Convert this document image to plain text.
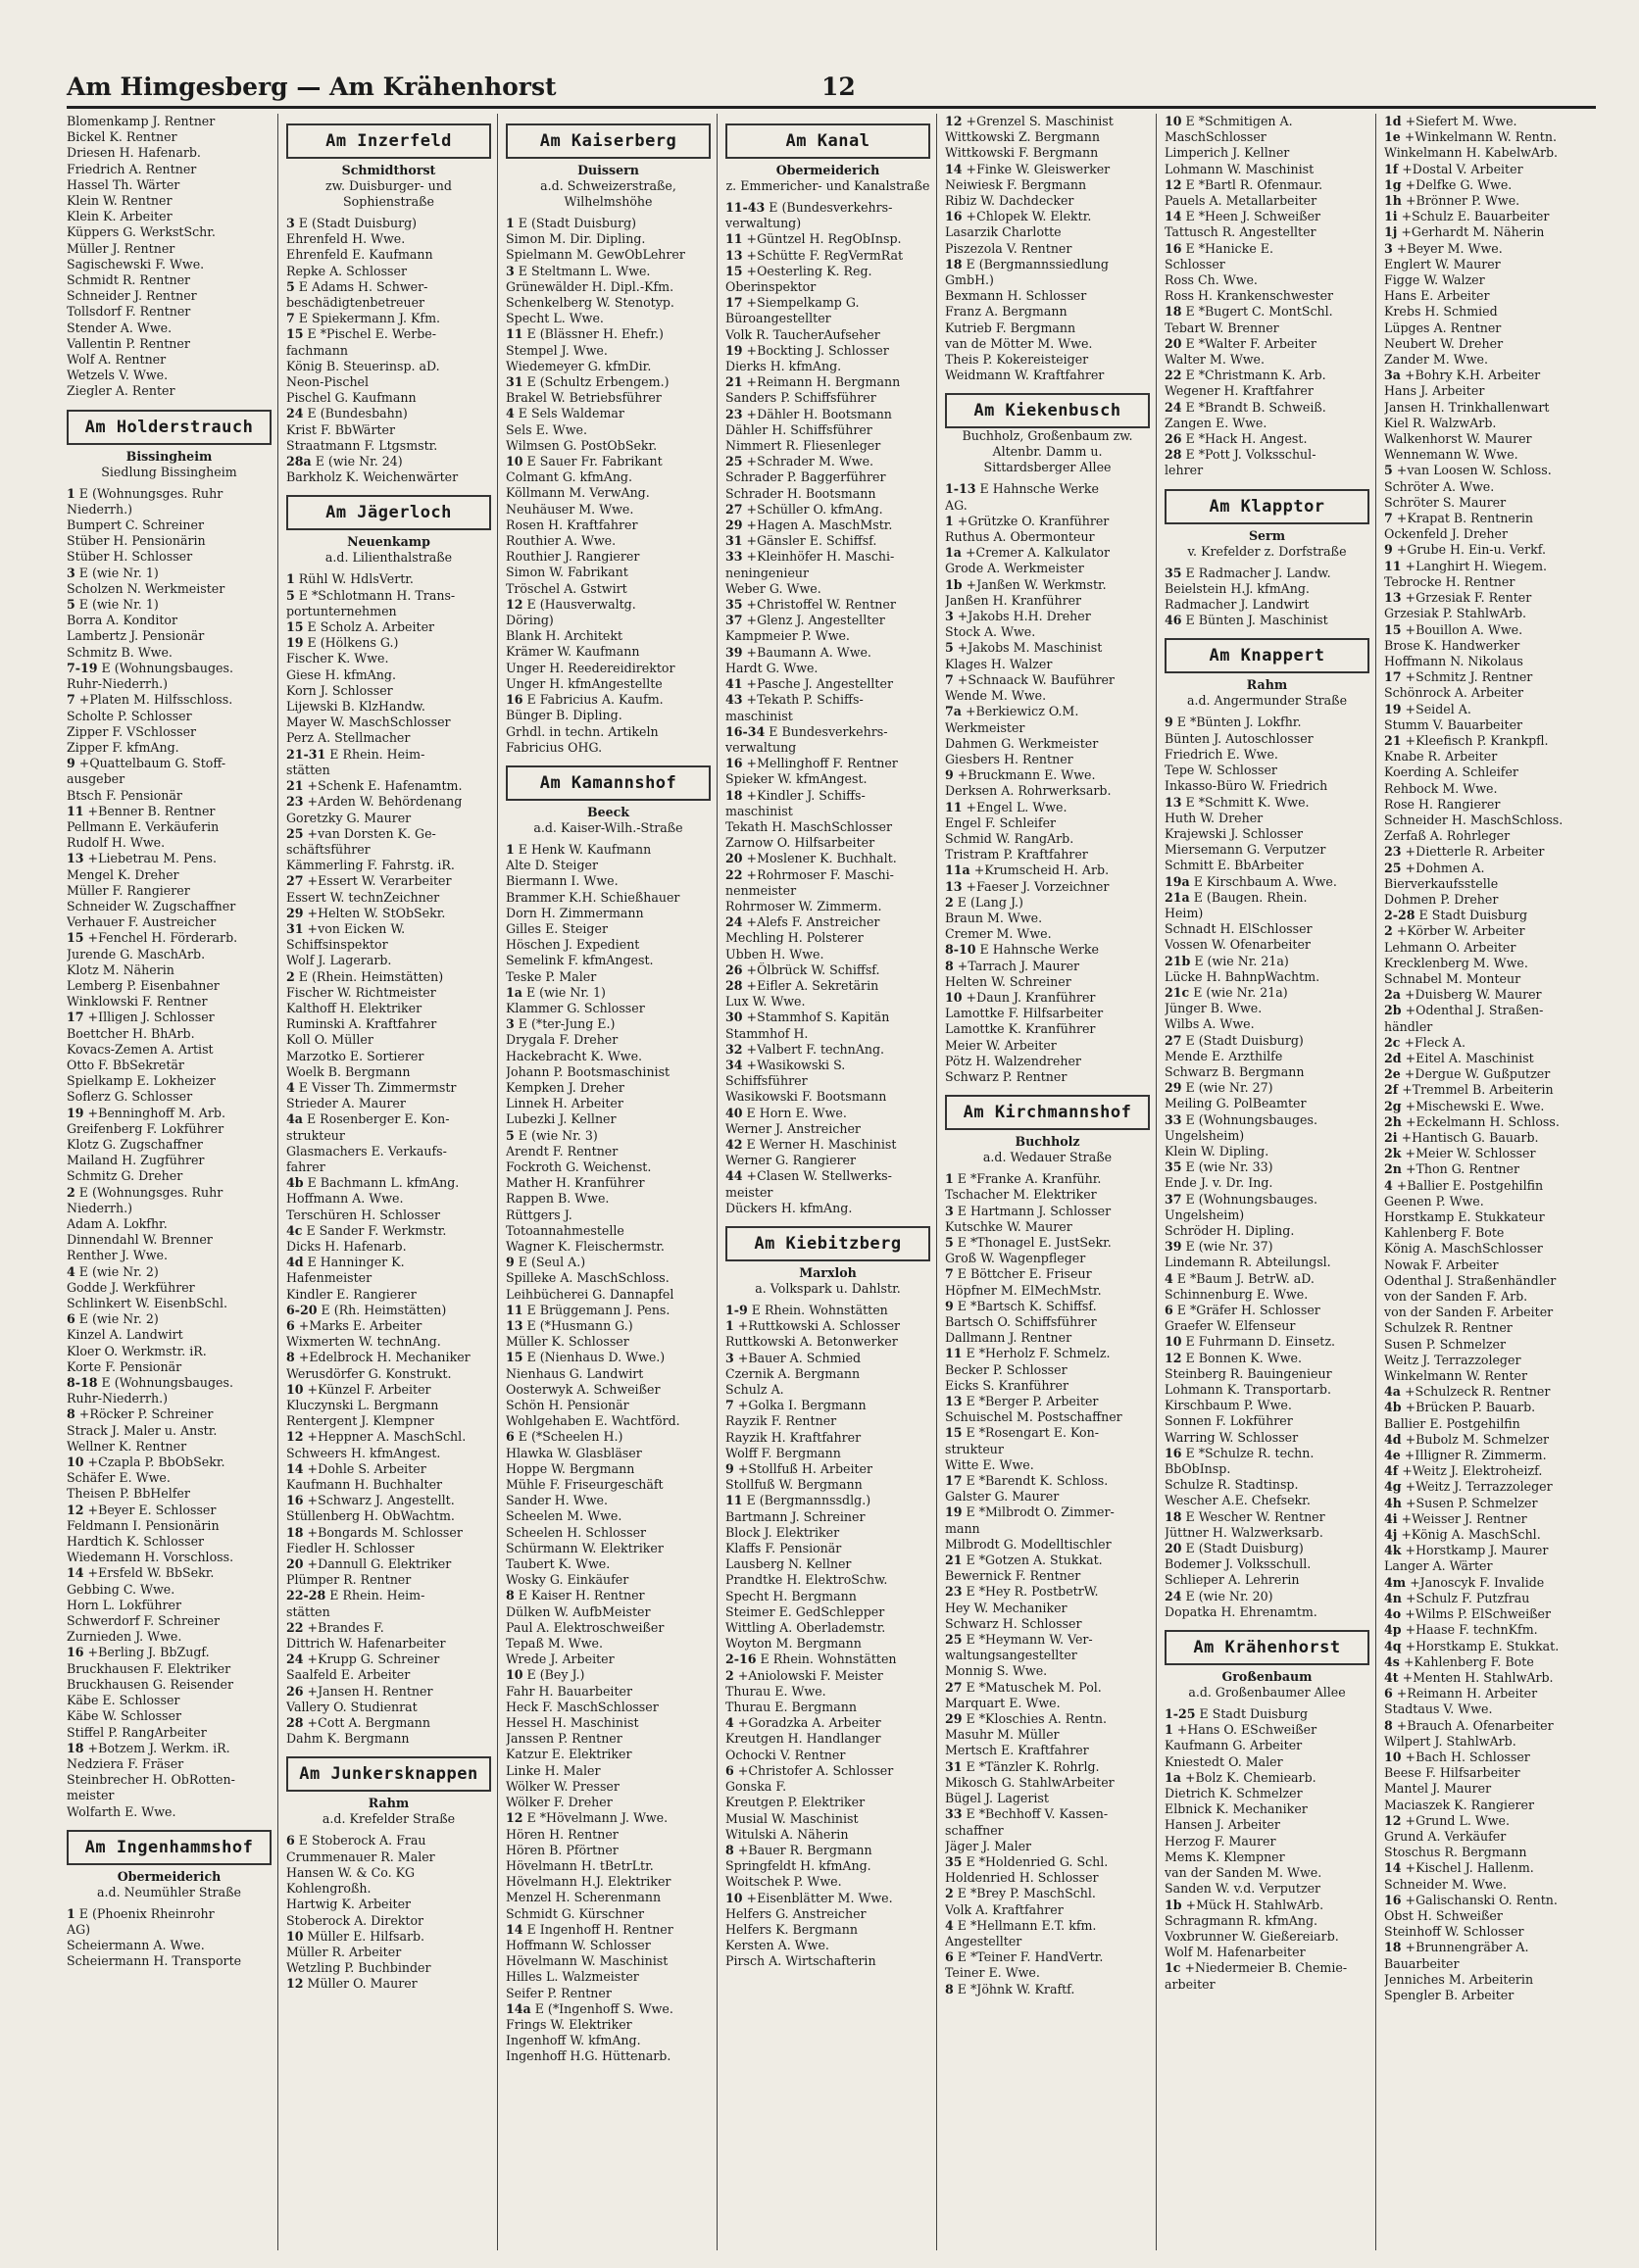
Am Himgesberg — Am Krähenhorst	12
Blomenkamp J. Rentner
Bickel K. Rentner
Driesen H. Hafenarb.
Friedrich A. Rentner
Hassel Th. Wärter
Klein W. Rentner
Klein K. Arbeiter
Küppers G. WerkstSchr.
Müller J. Rentner
Sagischewski F. Wwe.
Schmidt R. Rentner
Schneider J. Rentner
Tollsdorf F. Rentner
Stender A. Wwe.
Vallentin P. Rentner
Wolf A. Rentner
Wetzels V. Wwe.
Ziegler A. Renter
Am Holderstrauch
Bissingheim
Siedlung Bissingheim
1 E (Wohnungsges. Ruhr
Niederrh.)
Bumpert C. Schreiner
Stüber H. Pensionärin
Stüber H. Schlosser
3 E (wie Nr. 1)
Scholzen N. Werkmeister
5 E (wie Nr. 1)
Borra A. Konditor
Lambertz J. Pensionär
Schmitz B. Wwe.
7-19 E (Wohnungsbauges.
Ruhr-Niederrh.)
7 +Platen M. Hilfsschloss.
Scholte P. Schlosser
Zipper F. VSchlosser
Zipper F. kfmAng.
9 +Quattelbaum G. Stoff-
ausgeber
Btsch F. Pensionär
11 +Benner B. Rentner
Pellmann E. Verkäuferin
Rudolf H. Wwe.
13 +Liebetrau M. Pens.
Mengel K. Dreher
Müller F. Rangierer
Schneider W. Zugschaffner
Verhauer F. Austreicher
15 +Fenchel H. Förderarb.
Jurende G. MaschArb.
Klotz M. Näherin
Lemberg P. Eisenbahner
Winklowski F. Rentner
17 +Illigen J. Schlosser
Boettcher H. BhArb.
Kovacs-Zemen A. Artist
Otto F. BbSekretär
Spielkamp E. Lokheizer
Soflerz G. Schlosser
19 +Benninghoff M. Arb.
Greifenberg F. Lokführer
Klotz G. Zugschaffner
Mailand H. Zugführer
Schmitz G. Dreher
2 E (Wohnungsges. Ruhr
Niederrh.)
Adam A. Lokfhr.
Dinnendahl W. Brenner
Renther J. Wwe.
4 E (wie Nr. 2)
Godde J. Werkführer
Schlinkert W. EisenbSchl.
6 E (wie Nr. 2)
Kinzel A. Landwirt
Kloer O. Werkmstr. iR.
Korte F. Pensionär
8-18 E (Wohnungsbauges.
Ruhr-Niederrh.)
8 +Röcker P. Schreiner
Strack J. Maler u. Anstr.
Wellner K. Rentner
10 +Czapla P. BbObSekr.
Schäfer E. Wwe.
Theisen P. BbHelfer
12 +Beyer E. Schlosser
Feldmann I. Pensionärin
Hardtich K. Schlosser
Wiedemann H. Vorschloss.
14 +Ersfeld W. BbSekr.
Gebbing C. Wwe.
Horn L. Lokführer
Schwerdorf F. Schreiner
Zurnieden J. Wwe.
16 +Berling J. BbZugf.
Bruckhausen F. Elektriker
Bruckhausen G. Reisender
Käbe E. Schlosser
Käbe W. Schlosser
Stiffel P. RangArbeiter
18 +Botzem J. Werkm. iR.
Nedziera F. Fräser
Steinbrecher H. ObRotten-
meister
Wolfarth E. Wwe.
Am Ingenhammshof
Obermeiderich
a.d. Neumühler Straße
1 E (Phoenix Rheinrohr
AG)
Scheiermann A. Wwe.
Scheiermann H. Transporte
Am Inzerfeld
Schmidthorst
zw. Duisburger- und Sophienstraße
3 E (Stadt Duisburg)
Ehrenfeld H. Wwe.
Ehrenfeld E. Kaufmann
Repke A. Schlosser
5 E Adams H. Schwer-
beschädigtenbetreuer
7 E Spiekermann J. Kfm.
15 E *Pischel E. Werbe-
fachmann
König B. Steuerinsp. aD.
Neon-Pischel
Pischel G. Kaufmann
24 E (Bundesbahn)
Krist F. BbWärter
Straatmann F. Ltgsmstr.
28a E (wie Nr. 24)
Barkholz K. Weichenwärter
Am Jägerloch
Neuenkamp
a.d. Lilienthalstraße
1 Rühl W. HdlsVertr.
5 E *Schlotmann H. Trans-
portunternehmen
15 E Scholz A. Arbeiter
19 E (Hölkens G.)
Fischer K. Wwe.
Giese H. kfmAng.
Korn J. Schlosser
Lijewski B. KlzHandw.
Mayer W. MaschSchlosser
Perz A. Stellmacher
21-31 E Rhein. Heim-
stätten
21 +Schenk E. Hafenamtm.
23 +Arden W. Behördenang
Goretzky G. Maurer
25 +van Dorsten K. Ge-
schäftsführer
Kämmerling F. Fahrstg. iR.
27 +Essert W. Verarbeiter
Essert W. technZeichner
29 +Helten W. StObSekr.
31 +von Eicken W.
Schiffsinspektor
Wolf J. Lagerarb.
2 E (Rhein. Heimstätten)
Fischer W. Richtmeister
Kalthoff H. Elektriker
Ruminski A. Kraftfahrer
Koll O. Müller
Marzotko E. Sortierer
Woelk B. Bergmann
4 E Visser Th. Zimmermstr
Strieder A. Maurer
4a E Rosenberger E. Kon-
strukteur
Glasmachers E. Verkaufs-
fahrer
4b E Bachmann L. kfmAng.
Hoffmann A. Wwe.
Terschüren H. Schlosser
4c E Sander F. Werkmstr.
Dicks H. Hafenarb.
4d E Hanninger K.
Hafenmeister
Kindler E. Rangierer
6-20 E (Rh. Heimstätten)
6 +Marks E. Arbeiter
Wixmerten W. technAng.
8 +Edelbrock H. Mechaniker
Werusdörfer G. Konstrukt.
10 +Künzel F. Arbeiter
Kluczynski L. Bergmann
Rentergent J. Klempner
12 +Heppner A. MaschSchl.
Schweers H. kfmAngest.
14 +Dohle S. Arbeiter
Kaufmann H. Buchhalter
16 +Schwarz J. Angestellt.
Stüllenberg H. ObWachtm.
18 +Bongards M. Schlosser
Fiedler H. Schlosser
20 +Dannull G. Elektriker
Plümper R. Rentner
22-28 E Rhein. Heim-
stätten
22 +Brandes F.
Dittrich W. Hafenarbeiter
24 +Krupp G. Schreiner
Saalfeld E. Arbeiter
26 +Jansen H. Rentner
Vallery O. Studienrat
28 +Cott A. Bergmann
Dahm K. Bergmann
Am Junkersknappen
Rahm
a.d. Krefelder Straße
6 E Stoberock A. Frau
Crummenauer R. Maler
Hansen W. & Co. KG
Kohlengroßh.
Hartwig K. Arbeiter
Stoberock A. Direktor
10 Müller E. Hilfsarb.
Müller R. Arbeiter
Wetzling P. Buchbinder
12 Müller O. Maurer
Am Kaiserberg
Duissern
a.d. Schweizerstraße, Wilhelmshöhe
1 E (Stadt Duisburg)
Simon M. Dir. Dipling.
Spielmann M. GewObLehrer
3 E Steltmann L. Wwe.
Grünewälder H. Dipl.-Kfm.
Schenkelberg W. Stenotyp.
Specht L. Wwe.
11 E (Blässner H. Ehefr.)
Stempel J. Wwe.
Wiedemeyer G. kfmDir.
31 E (Schultz Erbengem.)
Brakel W. Betriebsführer
4 E Sels Waldemar
Sels E. Wwe.
Wilmsen G. PostObSekr.
10 E Sauer Fr. Fabrikant
Colmant G. kfmAng.
Köllmann M. VerwAng.
Neuhäuser M. Wwe.
Rosen H. Kraftfahrer
Routhier A. Wwe.
Routhier J. Rangierer
Simon W. Fabrikant
Tröschel A. Gstwirt
12 E (Hausverwaltg.
Döring)
Blank H. Architekt
Krämer W. Kaufmann
Unger H. Reedereidirektor
Unger H. kfmAngestellte
16 E Fabricius A. Kaufm.
Bünger B. Dipling.
Grhdl. in techn. Artikeln
Fabricius OHG.
Am Kamannshof
Beeck
a.d. Kaiser-Wilh.-Straße
1 E Henk W. Kaufmann
Alte D. Steiger
Biermann I. Wwe.
Brammer K.H. Schießhauer
Dorn H. Zimmermann
Gilles E. Steiger
Höschen J. Expedient
Semelink F. kfmAngest.
Teske P. Maler
1a E (wie Nr. 1)
Klammer G. Schlosser
3 E (*ter-Jung E.)
Drygala F. Dreher
Hackebracht K. Wwe.
Johann P. Bootsmaschinist
Kempken J. Dreher
Linnek H. Arbeiter
Lubezki J. Kellner
5 E (wie Nr. 3)
Arendt F. Rentner
Fockroth G. Weichenst.
Mather H. Kranführer
Rappen B. Wwe.
Rüttgers J.
Totoannahmestelle
Wagner K. Fleischermstr.
9 E (Seul A.)
Spilleke A. MaschSchloss.
Leihbücherei G. Dannapfel
11 E Brüggemann J. Pens.
13 E (*Husmann G.)
Müller K. Schlosser
15 E (Nienhaus D. Wwe.)
Nienhaus G. Landwirt
Oosterwyk A. Schweißer
Schön H. Pensionär
Wohlgehaben E. Wachtförd.
6 E (*Scheelen H.)
Hlawka W. Glasbläser
Hoppe W. Bergmann
Mühle F. Friseurgeschäft
Sander H. Wwe.
Scheelen M. Wwe.
Scheelen H. Schlosser
Schürmann W. Elektriker
Taubert K. Wwe.
Wosky G. Einkäufer
8 E Kaiser H. Rentner
Dülken W. AufbMeister
Paul A. Elektroschweißer
Tepaß M. Wwe.
Wrede J. Arbeiter
10 E (Bey J.)
Fahr H. Bauarbeiter
Heck F. MaschSchlosser
Hessel H. Maschinist
Janssen P. Rentner
Katzur E. Elektriker
Linke H. Maler
Wölker W. Presser
Wölker F. Dreher
12 E *Hövelmann J. Wwe.
Hören H. Rentner
Hören B. Pförtner
Hövelmann H. tBetrLtr.
Hövelmann H.J. Elektriker
Menzel H. Scherenmann
Schmidt G. Kürschner
14 E Ingenhoff H. Rentner
Hoffmann W. Schlosser
Hövelmann W. Maschinist
Hilles L. Walzmeister
Seifer P. Rentner
14a E (*Ingenhoff S. Wwe.
Frings W. Elektriker
Ingenhoff W. kfmAng.
Ingenhoff H.G. Hüttenarb.
Am Kanal
Obermeiderich
z. Emmericher- und Kanalstraße
11-43 E (Bundesverkehrs-
verwaltung)
11 +Güntzel H. RegObInsp.
13 +Schütte F. RegVermRat
15 +Oesterling K. Reg.
Oberinspektor
17 +Siempelkamp G.
Büroangestellter
Volk R. TaucherAufseher
19 +Bockting J. Schlosser
Dierks H. kfmAng.
21 +Reimann H. Bergmann
Sanders P. Schiffsführer
23 +Dähler H. Bootsmann
Dähler H. Schiffsführer
Nimmert R. Fliesenleger
25 +Schrader M. Wwe.
Schrader P. Baggerführer
Schrader H. Bootsmann
27 +Schüller O. kfmAng.
29 +Hagen A. MaschMstr.
31 +Gänsler E. Schiffsf.
33 +Kleinhöfer H. Maschi-
neningenieur
Weber G. Wwe.
35 +Christoffel W. Rentner
37 +Glenz J. Angestellter
Kampmeier P. Wwe.
39 +Baumann A. Wwe.
Hardt G. Wwe.
41 +Pasche J. Angestellter
43 +Tekath P. Schiffs-
maschinist
16-34 E Bundesverkehrs-
verwaltung
16 +Mellinghoff F. Rentner
Spieker W. kfmAngest.
18 +Kindler J. Schiffs-
maschinist
Tekath H. MaschSchlosser
Zarnow O. Hilfsarbeiter
20 +Moslener K. Buchhalt.
22 +Rohrmoser F. Maschi-
nenmeister
Rohrmoser W. Zimmerm.
24 +Alefs F. Anstreicher
Mechling H. Polsterer
Ubben H. Wwe.
26 +Ölbrück W. Schiffsf.
28 +Eifler A. Sekretärin
Lux W. Wwe.
30 +Stammhof S. Kapitän
Stammhof H.
32 +Valbert F. technAng.
34 +Wasikowski S.
Schiffsführer
Wasikowski F. Bootsmann
40 E Horn E. Wwe.
Werner J. Anstreicher
42 E Werner H. Maschinist
Werner G. Rangierer
44 +Clasen W. Stellwerks-
meister
Dückers H. kfmAng.
Am Kiebitzberg
Marxloh
a. Volkspark u. Dahlstr.
1-9 E Rhein. Wohnstätten
1 +Ruttkowski A. Schlosser
Ruttkowski A. Betonwerker
3 +Bauer A. Schmied
Czernik A. Bergmann
Schulz A.
7 +Golka I. Bergmann
Rayzik F. Rentner
Rayzik H. Kraftfahrer
Wolff F. Bergmann
9 +Stollfuß H. Arbeiter
Stollfuß W. Bergmann
11 E (Bergmannssdlg.)
Bartmann J. Schreiner
Block J. Elektriker
Klaffs F. Pensionär
Lausberg N. Kellner
Prandtke H. ElektroSchw.
Specht H. Bergmann
Steimer E. GedSchlepper
Wittling A. Oberlademstr.
Woyton M. Bergmann
2-16 E Rhein. Wohnstätten
2 +Aniolowski F. Meister
Thurau E. Wwe.
Thurau E. Bergmann
4 +Goradzka A. Arbeiter
Kreutgen H. Handlanger
Ochocki V. Rentner
6 +Christofer A. Schlosser
Gonska F.
Kreutgen P. Elektriker
Musial W. Maschinist
Witulski A. Näherin
8 +Bauer R. Bergmann
Springfeldt H. kfmAng.
Woitschek P. Wwe.
10 +Eisenblätter M. Wwe.
Helfers G. Anstreicher
Helfers K. Bergmann
Kersten A. Wwe.
Pirsch A. Wirtschafterin
12 +Grenzel S. Maschinist
Wittkowski Z. Bergmann
Wittkowski F. Bergmann
14 +Finke W. Gleiswerker
Neiwiesk F. Bergmann
Ribiz W. Dachdecker
16 +Chlopek W. Elektr.
Lasarzik Charlotte
Piszezola V. Rentner
18 E (Bergmannssiedlung
GmbH.)
Bexmann H. Schlosser
Franz A. Bergmann
Kutrieb F. Bergmann
van de Mötter M. Wwe.
Theis P. Kokereisteiger
Weidmann W. Kraftfahrer
Am Kiekenbusch
Buchholz, Großenbaum zw. Altenbr. Damm u. Sittardsberger Allee
1-13 E Hahnsche Werke
AG.
1 +Grützke O. Kranführer
Ruthus A. Obermonteur
1a +Cremer A. Kalkulator
Grode A. Werkmeister
1b +Janßen W. Werkmstr.
Janßen H. Kranführer
3 +Jakobs H.H. Dreher
Stock A. Wwe.
5 +Jakobs M. Maschinist
Klages H. Walzer
7 +Schnaack W. Bauführer
Wende M. Wwe.
7a +Berkiewicz O.M.
Werkmeister
Dahmen G. Werkmeister
Giesbers H. Rentner
9 +Bruckmann E. Wwe.
Derksen A. Rohrwerksarb.
11 +Engel L. Wwe.
Engel F. Schleifer
Schmid W. RangArb.
Tristram P. Kraftfahrer
11a +Krumscheid H. Arb.
13 +Faeser J. Vorzeichner
2 E (Lang J.)
Braun M. Wwe.
Cremer M. Wwe.
8-10 E Hahnsche Werke
8 +Tarrach J. Maurer
Helten W. Schreiner
10 +Daun J. Kranführer
Lamottke F. Hilfsarbeiter
Lamottke K. Kranführer
Meier W. Arbeiter
Pötz H. Walzendreher
Schwarz P. Rentner
Am Kirchmannshof
Buchholz
a.d. Wedauer Straße
1 E *Franke A. Kranführ.
Tschacher M. Elektriker
3 E Hartmann J. Schlosser
Kutschke W. Maurer
5 E *Thonagel E. JustSekr.
Groß W. Wagenpfleger
7 E Böttcher E. Friseur
Höpfner M. ElMechMstr.
9 E *Bartsch K. Schiffsf.
Bartsch O. Schiffsführer
Dallmann J. Rentner
11 E *Herholz F. Schmelz.
Becker P. Schlosser
Eicks S. Kranführer
13 E *Berger P. Arbeiter
Schuischel M. Postschaffner
15 E *Rosengart E. Kon-
strukteur
Witte E. Wwe.
17 E *Barendt K. Schloss.
Galster G. Maurer
19 E *Milbrodt O. Zimmer-
mann
Milbrodt G. Modelltischler
21 E *Gotzen A. Stukkat.
Bewernick F. Rentner
23 E *Hey R. PostbetrW.
Hey W. Mechaniker
Schwarz H. Schlosser
25 E *Heymann W. Ver-
waltungsangestellter
Monnig S. Wwe.
27 E *Matuschek M. Pol.
Marquart E. Wwe.
29 E *Kloschies A. Rentn.
Masuhr M. Müller
Mertsch E. Kraftfahrer
31 E *Tänzler K. Rohrlg.
Mikosch G. StahlwArbeiter
Bügel J. Lagerist
33 E *Bechhoff V. Kassen-
schaffner
Jäger J. Maler
35 E *Holdenried G. Schl.
Holdenried H. Schlosser
2 E *Brey P. MaschSchl.
Volk A. Kraftfahrer
4 E *Hellmann E.T. kfm.
Angestellter
6 E *Teiner F. HandVertr.
Teiner E. Wwe.
8 E *Jöhnk W. Kraftf.
10 E *Schmitigen A.
MaschSchlosser
Limperich J. Kellner
Lohmann W. Maschinist
12 E *Bartl R. Ofenmaur.
Pauels A. Metallarbeiter
14 E *Heen J. Schweißer
Tattusch R. Angestellter
16 E *Hanicke E.
Schlosser
Ross Ch. Wwe.
Ross H. Krankenschwester
18 E *Bugert C. MontSchl.
Tebart W. Brenner
20 E *Walter F. Arbeiter
Walter M. Wwe.
22 E *Christmann K. Arb.
Wegener H. Kraftfahrer
24 E *Brandt B. Schweiß.
Zangen E. Wwe.
26 E *Hack H. Angest.
28 E *Pott J. Volksschul-
lehrer
Am Klapptor
Serm
v. Krefelder z. Dorfstraße
35 E Radmacher J. Landw.
Beielstein H.J. kfmAng.
Radmacher J. Landwirt
46 E Bünten J. Maschinist
Am Knappert
Rahm
a.d. Angermunder Straße
9 E *Bünten J. Lokfhr.
Bünten J. Autoschlosser
Friedrich E. Wwe.
Tepe W. Schlosser
Inkasso-Büro W. Friedrich
13 E *Schmitt K. Wwe.
Huth W. Dreher
Krajewski J. Schlosser
Miersemann G. Verputzer
Schmitt E. BbArbeiter
19a E Kirschbaum A. Wwe.
21a E (Baugen. Rhein.
Heim)
Schnadt H. ElSchlosser
Vossen W. Ofenarbeiter
21b E (wie Nr. 21a)
Lücke H. BahnpWachtm.
21c E (wie Nr. 21a)
Jünger B. Wwe.
Wilbs A. Wwe.
27 E (Stadt Duisburg)
Mende E. Arzthilfe
Schwarz B. Bergmann
29 E (wie Nr. 27)
Meiling G. PolBeamter
33 E (Wohnungsbauges.
Ungelsheim)
Klein W. Dipling.
35 E (wie Nr. 33)
Ende J. v. Dr. Ing.
37 E (Wohnungsbauges.
Ungelsheim)
Schröder H. Dipling.
39 E (wie Nr. 37)
Lindemann R. Abteilungsl.
4 E *Baum J. BetrW. aD.
Schinnenburg E. Wwe.
6 E *Gräfer H. Schlosser
Graefer W. Elfenseur
10 E Fuhrmann D. Einsetz.
12 E Bonnen K. Wwe.
Steinberg R. Bauingenieur
Lohmann K. Transportarb.
Kirschbaum P. Wwe.
Sonnen F. Lokführer
Warring W. Schlosser
16 E *Schulze R. techn.
BbObInsp.
Schulze R. Stadtinsp.
Wescher A.E. Chefsekr.
18 E Wescher W. Rentner
Jüttner H. Walzwerksarb.
20 E (Stadt Duisburg)
Bodemer J. Volksschull.
Schlieper A. Lehrerin
24 E (wie Nr. 20)
Dopatka H. Ehrenamtm.
Am Krähenhorst
Großenbaum
a.d. Großenbaumer Allee
1-25 E Stadt Duisburg
1 +Hans O. ESchweißer
Kaufmann G. Arbeiter
Kniestedt O. Maler
1a +Bolz K. Chemiearb.
Dietrich K. Schmelzer
Elbnick K. Mechaniker
Hansen J. Arbeiter
Herzog F. Maurer
Mems K. Klempner
van der Sanden M. Wwe.
Sanden W. v.d. Verputzer
1b +Mück H. StahlwArb.
Schragmann R. kfmAng.
Voxbrunner W. Gießereiarb.
Wolf M. Hafenarbeiter
1c +Niedermeier B. Chemie-
arbeiter
1d +Siefert M. Wwe.
1e +Winkelmann W. Rentn.
Winkelmann H. KabelwArb.
1f +Dostal V. Arbeiter
1g +Delfke G. Wwe.
1h +Brönner P. Wwe.
1i +Schulz E. Bauarbeiter
1j +Gerhardt M. Näherin
3 +Beyer M. Wwe.
Englert W. Maurer
Figge W. Walzer
Hans E. Arbeiter
Krebs H. Schmied
Lüpges A. Rentner
Neubert W. Dreher
Zander M. Wwe.
3a +Bohry K.H. Arbeiter
Hans J. Arbeiter
Jansen H. Trinkhallenwart
Kiel R. WalzwArb.
Walkenhorst W. Maurer
Wennemann W. Wwe.
5 +van Loosen W. Schloss.
Schröter A. Wwe.
Schröter S. Maurer
7 +Krapat B. Rentnerin
Ockenfeld J. Dreher
9 +Grube H. Ein-u. Verkf.
11 +Langhirt H. Wiegem.
Tebrocke H. Rentner
13 +Grzesiak F. Renter
Grzesiak P. StahlwArb.
15 +Bouillon A. Wwe.
Brose K. Handwerker
Hoffmann N. Nikolaus
17 +Schmitz J. Rentner
Schönrock A. Arbeiter
19 +Seidel A.
Stumm V. Bauarbeiter
21 +Kleefisch P. Krankpfl.
Knabe R. Arbeiter
Koerding A. Schleifer
Rehbock M. Wwe.
Rose H. Rangierer
Schneider H. MaschSchloss.
Zerfaß A. Rohrleger
23 +Dietterle R. Arbeiter
25 +Dohmen A.
Bierverkaufsstelle
Dohmen P. Dreher
2-28 E Stadt Duisburg
2 +Körber W. Arbeiter
Lehmann O. Arbeiter
Krecklenberg M. Wwe.
Schnabel M. Monteur
2a +Duisberg W. Maurer
2b +Odenthal J. Straßen-
händler
2c +Fleck A.
2d +Eitel A. Maschinist
2e +Dergue W. Gußputzer
2f +Tremmel B. Arbeiterin
2g +Mischewski E. Wwe.
2h +Eckelmann H. Schloss.
2i +Hantisch G. Bauarb.
2k +Meier W. Schlosser
2n +Thon G. Rentner
4 +Ballier E. Postgehilfin
Geenen P. Wwe.
Horstkamp E. Stukkateur
Kahlenberg F. Bote
König A. MaschSchlosser
Nowak F. Arbeiter
Odenthal J. Straßenhändler
von der Sanden F. Arb.
von der Sanden F. Arbeiter
Schulzek R. Rentner
Susen P. Schmelzer
Weitz J. Terrazzoleger
Winkelmann W. Renter
4a +Schulzeck R. Rentner
4b +Brücken P. Bauarb.
Ballier E. Postgehilfin
4d +Bubolz M. Schmelzer
4e +Illigner R. Zimmerm.
4f +Weitz J. Elektroheizf.
4g +Weitz J. Terrazzoleger
4h +Susen P. Schmelzer
4i +Weisser J. Rentner
4j +König A. MaschSchl.
4k +Horstkamp J. Maurer
Langer A. Wärter
4m +Janoscyk F. Invalide
4n +Schulz F. Putzfrau
4o +Wilms P. ElSchweißer
4p +Haase F. technKfm.
4q +Horstkamp E. Stukkat.
4s +Kahlenberg F. Bote
4t +Menten H. StahlwArb.
6 +Reimann H. Arbeiter
Stadtaus V. Wwe.
8 +Brauch A. Ofenarbeiter
Wilpert J. StahlwArb.
10 +Bach H. Schlosser
Beese F. Hilfsarbeiter
Mantel J. Maurer
Maciaszek K. Rangierer
12 +Grund L. Wwe.
Grund A. Verkäufer
Stoschus R. Bergmann
14 +Kischel J. Hallenm.
Schneider M. Wwe.
16 +Galischanski O. Rentn.
Obst H. Schweißer
Steinhoff W. Schlosser
18 +Brunnengräber A.
Bauarbeiter
Jenniches M. Arbeiterin
Spengler B. Arbeiter
